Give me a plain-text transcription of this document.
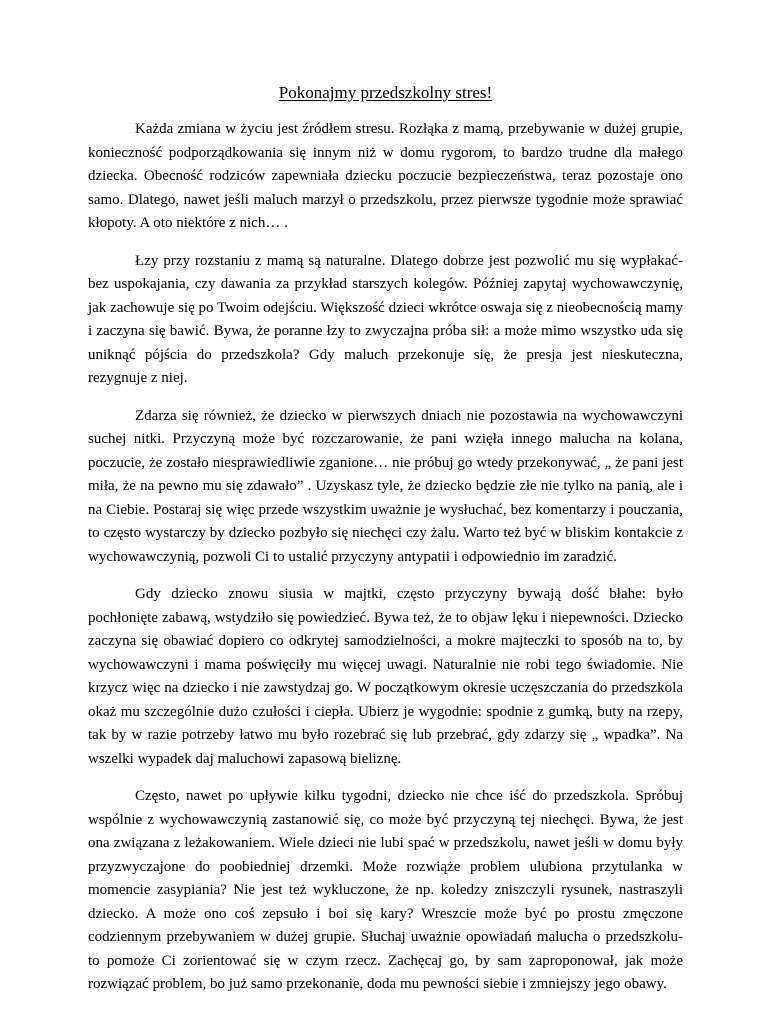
Pokonajmy przedszkolny stres!

Każda zmiana w życiu jest źródłem stresu. Rozłąka z mamą, przebywanie w dużej grupie, konieczność podporządkowania się innym niż w domu rygorom, to bardzo trudne dla małego dziecka. Obecność rodziców zapewniała dziecku poczucie bezpieczeństwa, teraz pozostaje ono samo. Dlatego, nawet jeśli maluch marzył o przedszkolu, przez pierwsze tygodnie może sprawiać kłopoty. A oto niektóre z nich… .

Łzy przy rozstaniu z mamą są naturalne. Dlatego dobrze jest pozwolić mu się wypłakać- bez uspokajania, czy dawania za przykład starszych kolegów. Później zapytaj wychowawczynię, jak zachowuje się po Twoim odejściu. Większość dzieci wkrótce oswaja się z nieobecnością mamy i zaczyna się bawić. Bywa, że poranne łzy to zwyczajna próba sił: a może mimo wszystko uda się uniknąć pójścia do przedszkola? Gdy maluch przekonuje się, że presja jest nieskuteczna, rezygnuje z niej.

Zdarza się również, że dziecko w pierwszych dniach nie pozostawia na wychowawczyni suchej nitki. Przyczyną może być rozczarowanie, że pani wzięła innego malucha na kolana, poczucie, że zostało niesprawiedliwie zganione… nie próbuj go wtedy przekonywać, „ że pani jest miła, że na pewno mu się zdawało” . Uzyskasz tyle, że dziecko będzie złe nie tylko na panią, ale i na Ciebie. Postaraj się więc przede wszystkim uważnie je wysłuchać, bez komentarzy i pouczania, to często wystarczy by dziecko pozbyło się niechęci czy żalu. Warto też być w bliskim kontakcie z wychowawczynią, pozwoli Ci to ustalić przyczyny antypatii i odpowiednio im zaradzić.

Gdy dziecko znowu siusia w majtki, często przyczyny bywają dość błahe: było pochłonięte zabawą, wstydziło się powiedzieć. Bywa też, że to objaw lęku i niepewności. Dziecko zaczyna się obawiać dopiero co odkrytej samodzielności, a mokre majteczki to sposób na to, by wychowawczyni i mama poświęciły mu więcej uwagi. Naturalnie nie robi tego świadomie. Nie krzycz więc na dziecko i nie zawstydzaj go. W początkowym okresie uczęszczania do przedszkola okaż mu szczególnie dużo czułości i ciepła. Ubierz je wygodnie: spodnie z gumką, buty na rzepy, tak by w razie potrzeby łatwo mu było rozebrać się lub przebrać, gdy zdarzy się „ wpadka”. Na wszelki wypadek daj maluchowi zapasową bieliznę.

Często, nawet po upływie kilku tygodni, dziecko nie chce iść do przedszkola. Spróbuj wspólnie z wychowawczynią zastanowić się, co może być przyczyną tej niechęci. Bywa, że jest ona związana z leżakowaniem. Wiele dzieci nie lubi spać w przedszkolu, nawet jeśli w domu były przyzwyczajone do poobiedniej drzemki. Może rozwiąże problem ulubiona przytulanka w momencie zasypiania? Nie jest też wykluczone, że np. koledzy zniszczyli rysunek, nastraszyli dziecko. A może ono coś zepsuło i boi się kary? Wreszcie może być po prostu zmęczone codziennym przebywaniem w dużej grupie. Słuchaj uważnie opowiadań malucha o przedszkolu- to pomoże Ci zorientować się w czym rzecz. Zachęcaj go, by sam zaproponował, jak może rozwiązać problem, bo już samo przekonanie, doda mu pewności siebie i zmniejszy jego obawy.
